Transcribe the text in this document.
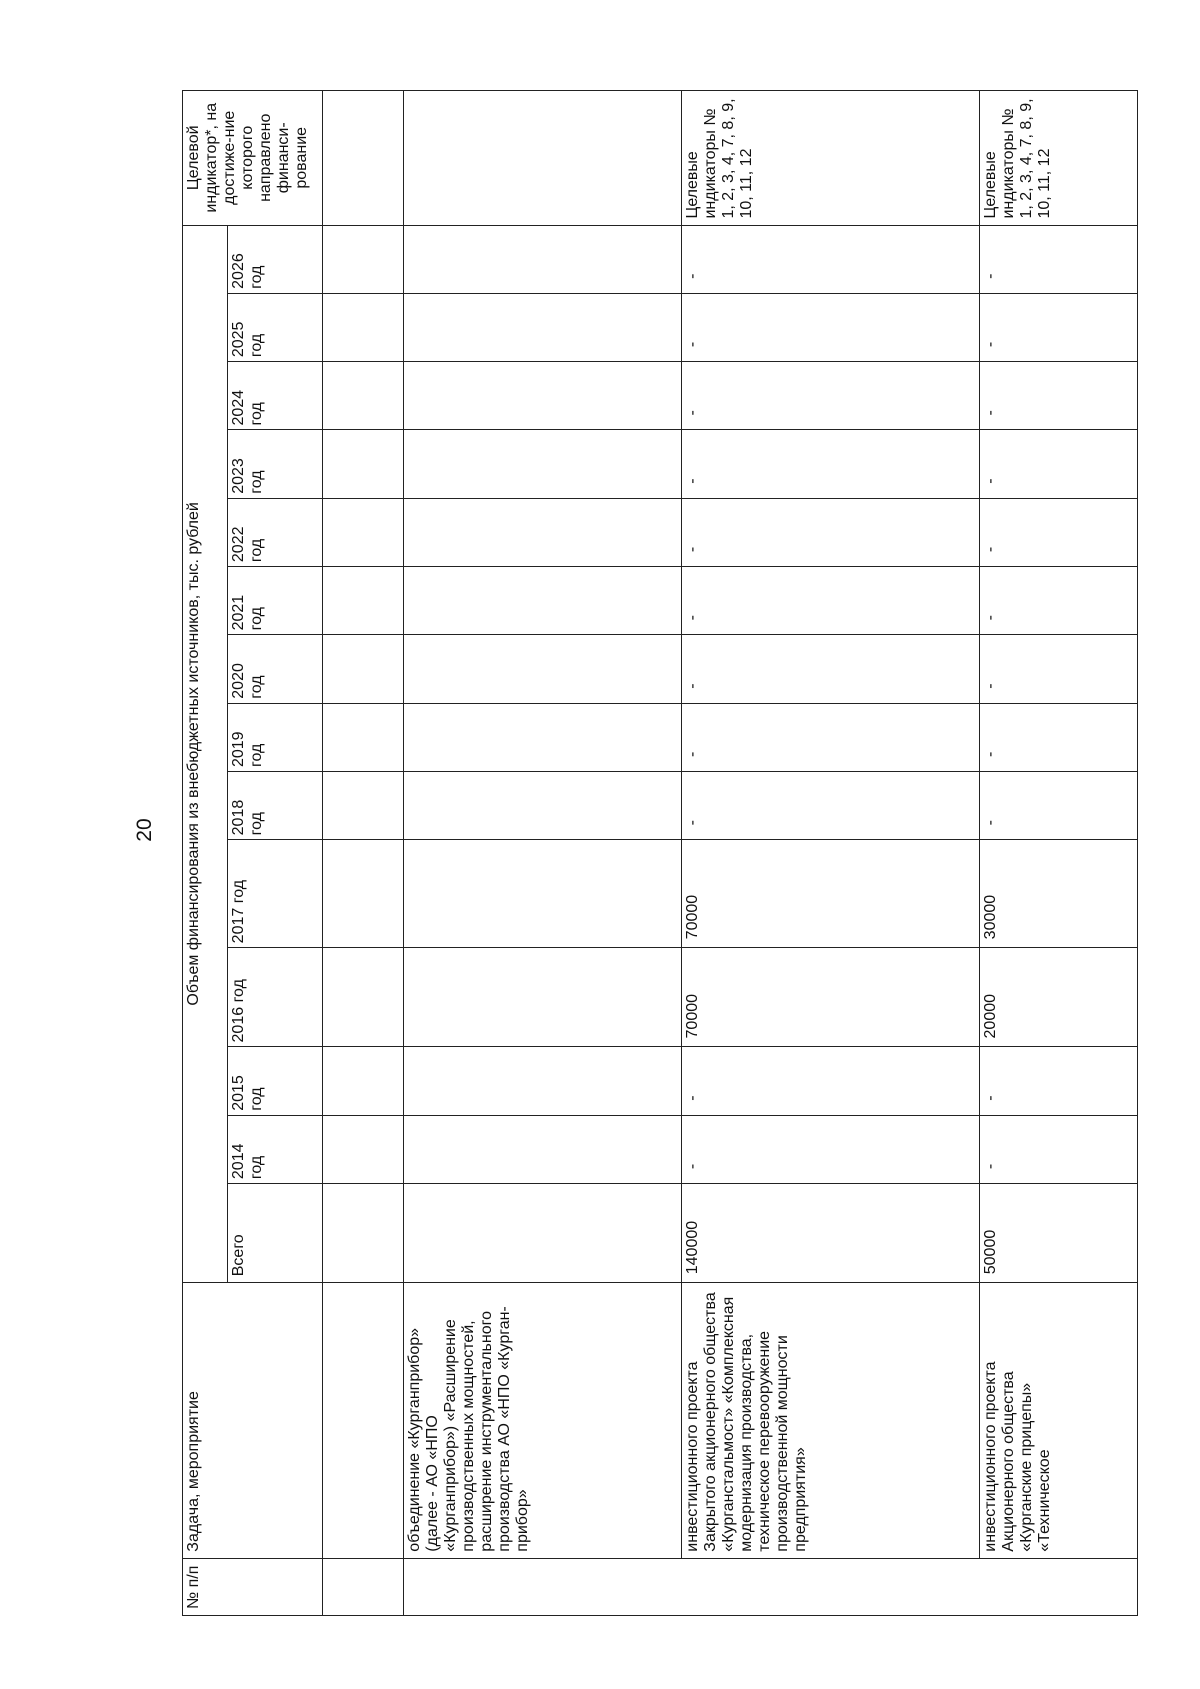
20
№ п/п	Задача, мероприятие	Объем финансирования из внебюджетных источников, тыс. рублей														Целевой индикатор*, на достиже-ние которого направлено финанси-рование
		Всего	2014 год	2015 год	2016 год	2017 год	2018 год	2019 год	2020 год	2021 год	2022 год	2023 год	2024 год	2025 год	2026 год	

	объединение «Курганприбор» (далее - АО «НПО «Курганприбор») «Расширение производственных мощностей, расширение инструментального производства АО «НПО «Курган-прибор»															
	инвестиционного проекта Закрытого акционерного общества «Курганстальмост» «Комплексная модернизация производства, техническое перевооружение производственной мощности предприятия»	140000	-	-	70000	70000	-	-	-	-	-	-	-	-	-	Целевые индикаторы № 1, 2, 3, 4, 7, 8, 9, 10, 11, 12
	инвестиционного проекта Акционерного общества «Курганские прицепы» «Техническое	50000	-	-	20000	30000	-	-	-	-	-	-	-	-	-	Целевые индикаторы № 1, 2, 3, 4, 7, 8, 9, 10, 11, 12
